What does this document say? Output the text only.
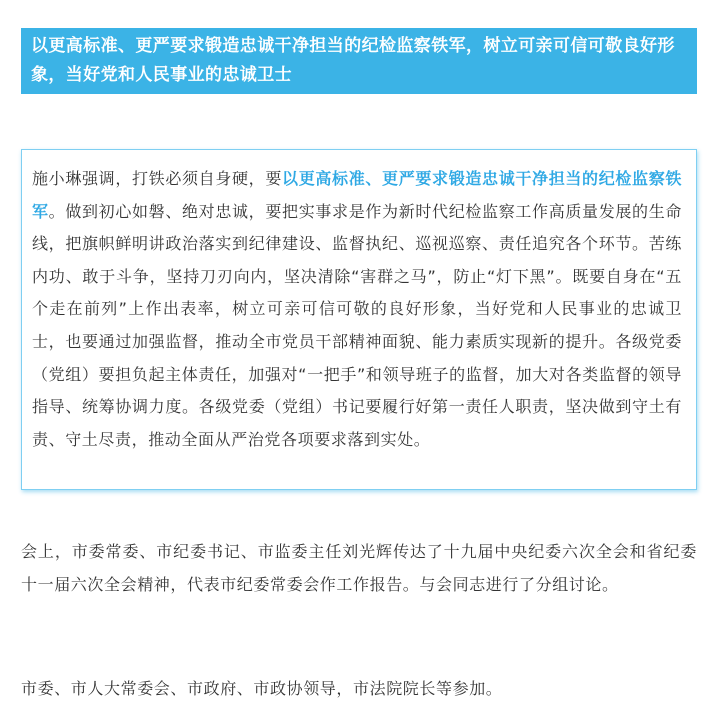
以更高标准、更严要求锻造忠诚干净担当的纪检监察铁军，树立可亲可信可敬良好形象，当好党和人民事业的忠诚卫士
施小琳强调，打铁必须自身硬，要以更高标准、更严要求锻造忠诚干净担当的纪检监察铁军。做到初心如磐、绝对忠诚，要把实事求是作为新时代纪检监察工作高质量发展的生命线，把旗帜鲜明讲政治落实到纪律建设、监督执纪、巡视巡察、责任追究各个环节。苦练内功、敢于斗争，坚持刀刃向内，坚决清除“害群之马”，防止“灯下黑”。既要自身在“五个走在前列”上作出表率，树立可亲可信可敬的良好形象，当好党和人民事业的忠诚卫士，也要通过加强监督，推动全市党员干部精神面貌、能力素质实现新的提升。各级党委（党组）要担负起主体责任，加强对“一把手”和领导班子的监督，加大对各类监督的领导指导、统筹协调力度。各级党委（党组）书记要履行好第一责任人职责，坚决做到守土有责、守土尽责，推动全面从严治党各项要求落到实处。

会上，市委常委、市纪委书记、市监委主任刘光辉传达了十九届中央纪委六次全会和省纪委十一届六次全会精神，代表市纪委常委会作工作报告。与会同志进行了分组讨论。

市委、市人大常委会、市政府、市政协领导，市法院院长等参加。
